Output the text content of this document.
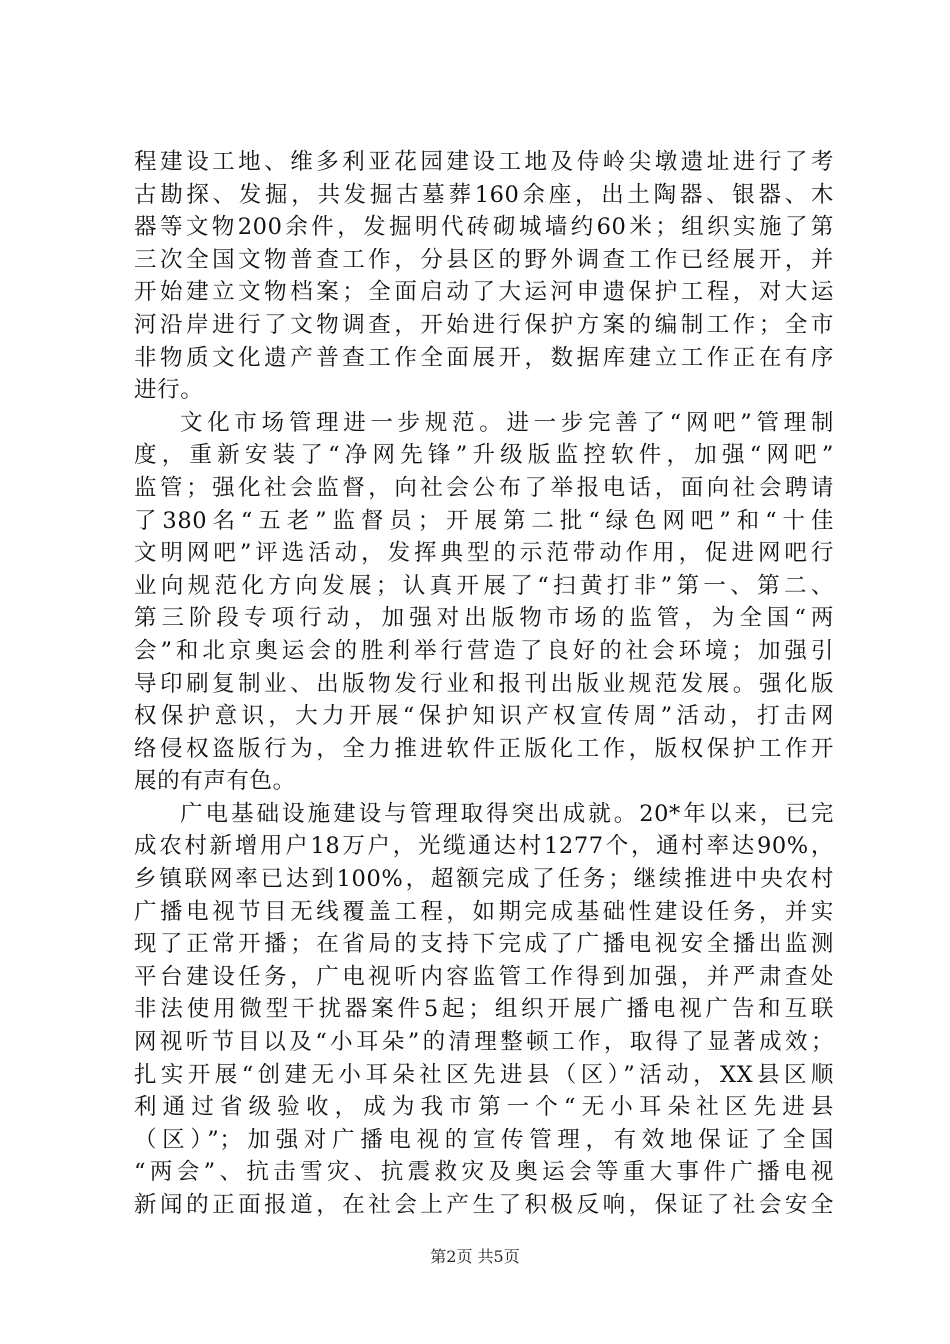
程建设工地、维多利亚花园建设工地及侍岭尖墩遗址进行了考
古勘探、发掘，共发掘古墓葬160余座，出土陶器、银器、木
器等文物200余件，发掘明代砖砌城墙约60米；组织实施了第
三次全国文物普查工作，分县区的野外调查工作已经展开，并
开始建立文物档案；全面启动了大运河申遗保护工程，对大运
河沿岸进行了文物调查，开始进行保护方案的编制工作；全市
非物质文化遗产普查工作全面展开，数据库建立工作正在有序
进行。
文化市场管理进一步规范。进一步完善了“网吧”管理制
度，重新安装了“净网先锋”升级版监控软件，加强“网吧”
监管；强化社会监督，向社会公布了举报电话，面向社会聘请
了380名“五老”监督员；开展第二批“绿色网吧”和“十佳
文明网吧”评选活动，发挥典型的示范带动作用，促进网吧行
业向规范化方向发展；认真开展了“扫黄打非”第一、第二、
第三阶段专项行动，加强对出版物市场的监管，为全国“两
会”和北京奥运会的胜利举行营造了良好的社会环境；加强引
导印刷复制业、出版物发行业和报刊出版业规范发展。强化版
权保护意识，大力开展“保护知识产权宣传周”活动，打击网
络侵权盗版行为，全力推进软件正版化工作，版权保护工作开
展的有声有色。
广电基础设施建设与管理取得突出成就。20*年以来，已完
成农村新增用户18万户，光缆通达村1277个，通村率达90%，
乡镇联网率已达到100%，超额完成了任务；继续推进中央农村
广播电视节目无线覆盖工程，如期完成基础性建设任务，并实
现了正常开播；在省局的支持下完成了广播电视安全播出监测
平台建设任务，广电视听内容监管工作得到加强，并严肃查处
非法使用微型干扰器案件5起；组织开展广播电视广告和互联
网视听节目以及“小耳朵”的清理整顿工作，取得了显著成效；
扎实开展“创建无小耳朵社区先进县（区）”活动，XX县区顺
利通过省级验收，成为我市第一个“无小耳朵社区先进县
（区）”；加强对广播电视的宣传管理，有效地保证了全国
“两会”、抗击雪灾、抗震救灾及奥运会等重大事件广播电视
新闻的正面报道，在社会上产生了积极反响，保证了社会安全
第2页 共5页
